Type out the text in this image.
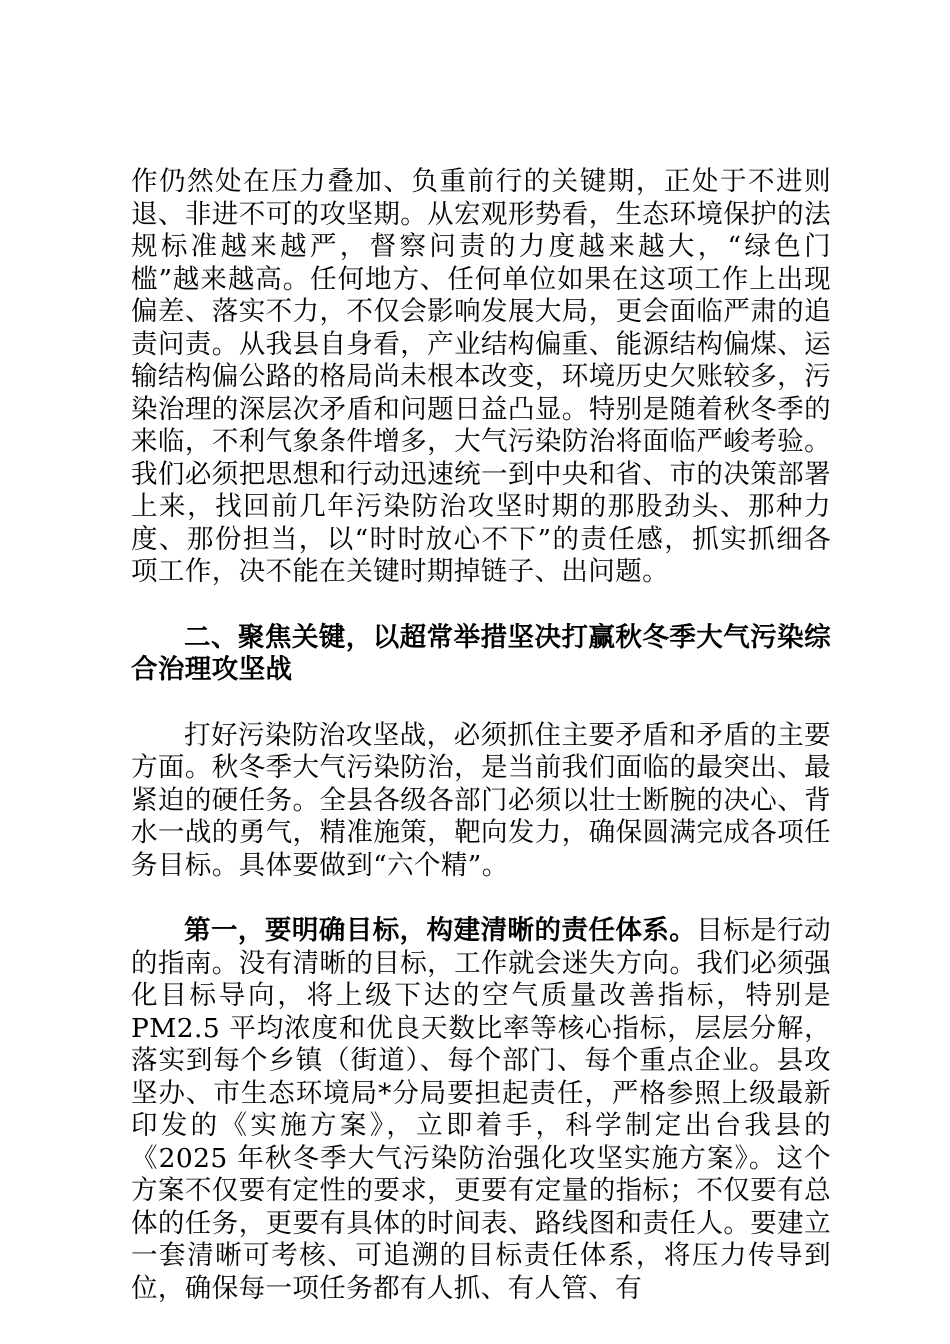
作仍然处在压力叠加、负重前行的关键期，正处于不进则退、非进不可的攻坚期。从宏观形势看，生态环境保护的法规标准越来越严，督察问责的力度越来越大，“绿色门槛”越来越高。任何地方、任何单位如果在这项工作上出现偏差、落实不力，不仅会影响发展大局，更会面临严肃的追责问责。从我县自身看，产业结构偏重、能源结构偏煤、运输结构偏公路的格局尚未根本改变，环境历史欠账较多，污染治理的深层次矛盾和问题日益凸显。特别是随着秋冬季的来临，不利气象条件增多，大气污染防治将面临严峻考验。我们必须把思想和行动迅速统一到中央和省、市的决策部署上来，找回前几年污染防治攻坚时期的那股劲头、那种力度、那份担当，以“时时放心不下”的责任感，抓实抓细各项工作，决不能在关键时期掉链子、出问题。

二、聚焦关键，以超常举措坚决打赢秋冬季大气污染综合治理攻坚战

打好污染防治攻坚战，必须抓住主要矛盾和矛盾的主要方面。秋冬季大气污染防治，是当前我们面临的最突出、最紧迫的硬任务。全县各级各部门必须以壮士断腕的决心、背水一战的勇气，精准施策，靶向发力，确保圆满完成各项任务目标。具体要做到“六个精”。

第一，要明确目标，构建清晰的责任体系。目标是行动的指南。没有清晰的目标，工作就会迷失方向。我们必须强化目标导向，将上级下达的空气质量改善指标，特别是 PM2.5 平均浓度和优良天数比率等核心指标，层层分解，落实到每个乡镇（街道）、每个部门、每个重点企业。县攻坚办、市生态环境局*分局要担起责任，严格参照上级最新印发的《实施方案》，立即着手，科学制定出台我县的《2025 年秋冬季大气污染防治强化攻坚实施方案》。这个方案不仅要有定性的要求，更要有定量的指标；不仅要有总体的任务，更要有具体的时间表、路线图和责任人。要建立一套清晰可考核、可追溯的目标责任体系，将压力传导到位，确保每一项任务都有人抓、有人管、有
